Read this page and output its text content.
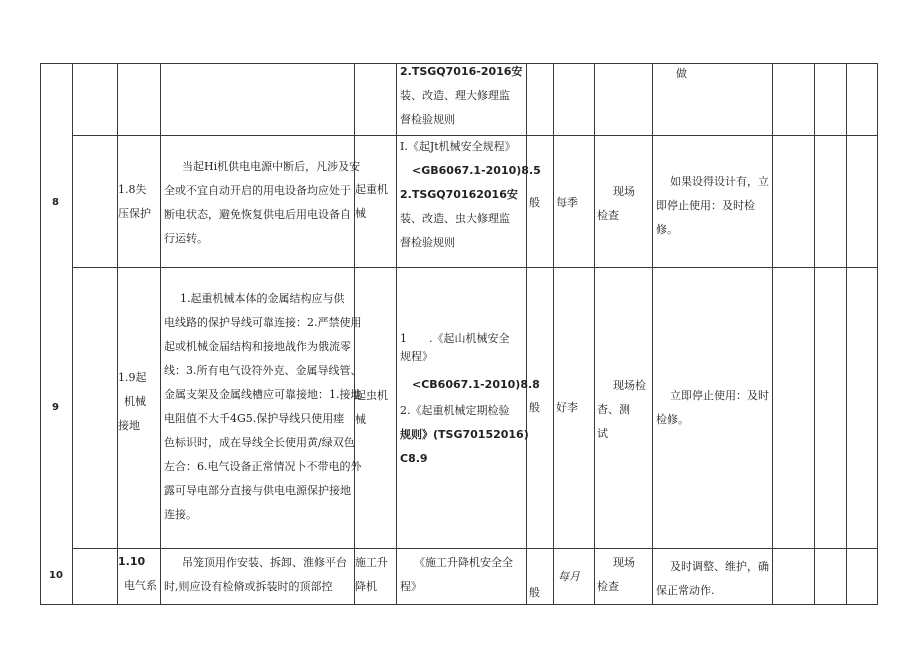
2.TSGQ7016-2016安
装、改造、理大修理监
督检验规则
做
8
1.8失
压保护
当起Hi机供电电源中断后，凡涉及安
全或不宜自动开启的用电设备均应处于
断电状态，避免恢复供电后用电设备自
行运转。
起重机
械
I.《起Jt机械安全规程》
<GB6067.1-2010)8.5
2.TSGQ70162016安
装、改造、虫大修理监
督检验规则
般 每季
现场
检查
如果设得设计有，立
即停止使用：及时检
修。
9
1.9起
机械
接地
1.起重机械本体的金属结构应与供
电线路的保护导线可靠连接：2.严禁使用
起或机械金届结构和接地战作为俄流零
线：3.所有电气设符外克、金属导线管、
金属支架及金属线槽应可靠接地：1.接地
电阻值不大千4G5.保护导线只使用瘗
色标识时，成在导线全长使用黄/绿双色
左合：6.电气设备正常情况卜不带电的外
露可导电部分直接与供电电源保护接地
连接。
起虫机
械
1　　.《起山机械安全
规程》
<CB6067.1-2010)8.8
2.《起重机械定期检验
规则》(TSG70152016)
C8.9
般 好李
现场检
杳、测
试
立即停止使用：及时
检修。
10
1.10
电气系
吊笼顶用作安装、拆卸、淮修平台
时,则应设有检脩或拆装时的顶部控
施工升
降机
《施工升降机安全全
程》	般
每月
现场
检查
及时调整、维护，确
保正常动作.
